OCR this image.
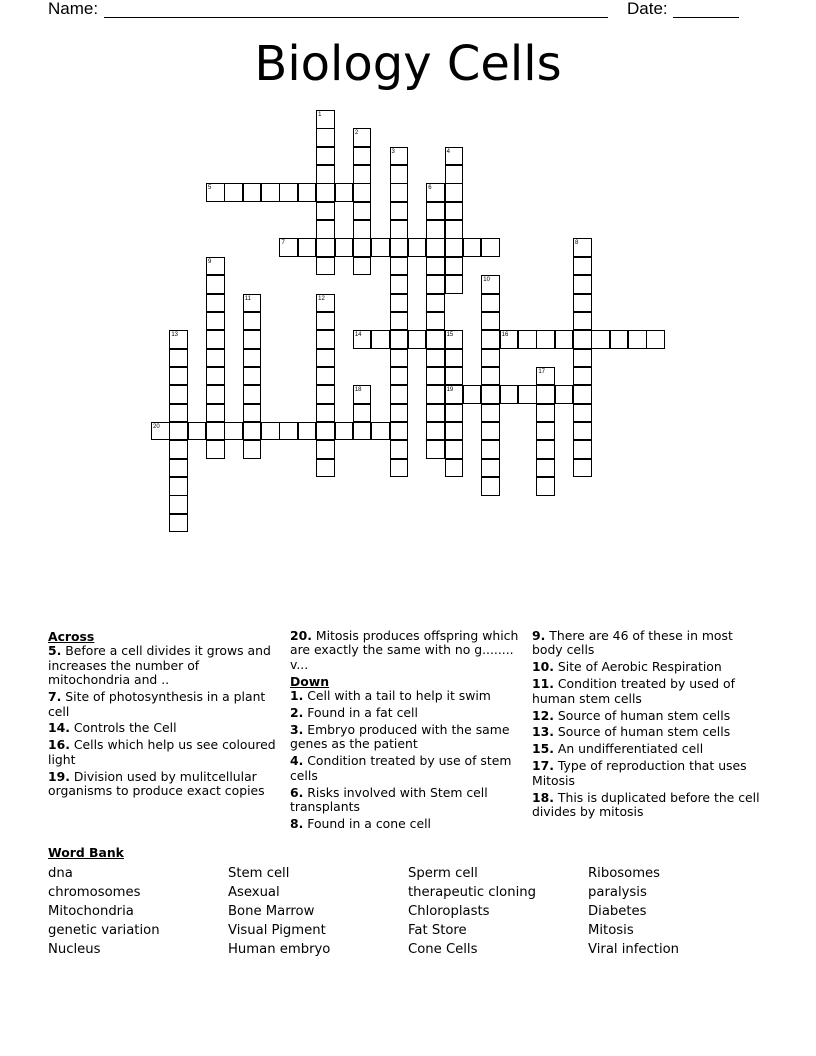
Name:	Date:
Biology Cells
1
2
3	4
5	6
7	8
9
10
11	12
13	14	15
19
16
17
18
20
Across
5. Before a cell divides it grows and increases the number of mitochondria and ..
7. Site of photosynthesis in a plant cell
14. Controls the Cell
16. Cells which help us see coloured light
19. Division used by mulitcellular organisms to produce exact copies
20. Mitosis produces offspring which are exactly the same with no g........ v...
Down
1. Cell with a tail to help it swim
2. Found in a fat cell
3. Embryo produced with the same genes as the patient
4. Condition treated by use of stem cells
6. Risks involved with Stem cell transplants
8. Found in a cone cell
9. There are 46 of these in most body cells
10. Site of Aerobic Respiration
11. Condition treated by used of human stem cells
12. Source of human stem cells
13. Source of human stem cells
15. An undifferentiated cell
17. Type of reproduction that uses Mitosis
18. This is duplicated before the cell divides by mitosis
Word Bank
dna
chromosomes
Mitochondria
genetic variation
Nucleus
Stem cell
Asexual
Bone Marrow
Visual Pigment
Human embryo
Sperm cell
therapeutic cloning
Chloroplasts
Fat Store
Cone Cells
Ribosomes
paralysis
Diabetes
Mitosis
Viral infection
